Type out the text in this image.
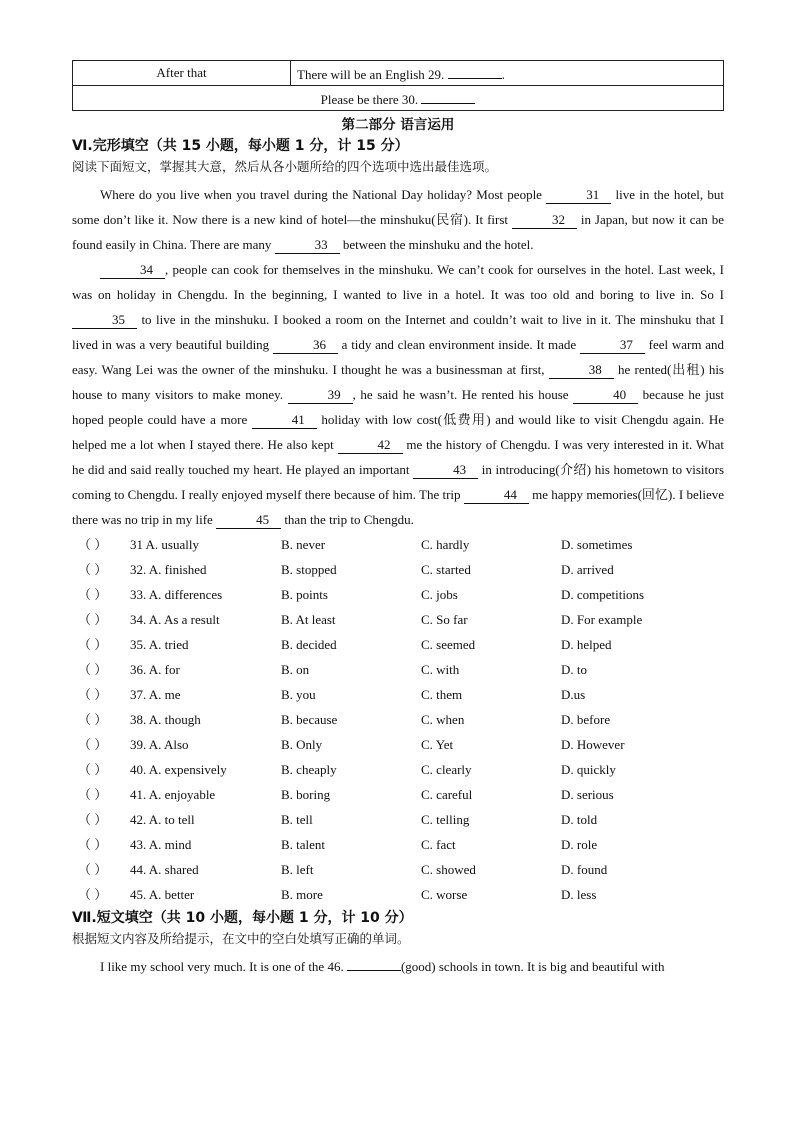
After that	There will be an English 29.	.
Please be there 30.
第二部分 语言运用
Ⅵ.完形填空（共 15 小题，每小题 1 分，计 15 分）
阅读下面短文，掌握其大意，然后从各小题所给的四个选项中选出最佳选项。

Where do you live when you travel during the National Day holiday? Most people	31 live in the hotel, but some don’t like it. Now there is a new kind of hotel—the minshuku(民宿). It first	32 in Japan, but now it can be found easily in China. There are many	33 between the minshuku and the hotel.

34 , people can cook for themselves in the minshuku. We can’t cook for ourselves in the hotel. Last week, I was on holiday in Chengdu. In the beginning, I wanted to live in a hotel. It was too old and boring to live in. So I 35 to live in the minshuku. I booked a room on the Internet and couldn’t wait to live in it. The minshuku that I lived in was a very beautiful building	36 a tidy and clean environment inside. It made	37 feel warm and easy. Wang Lei was the owner of the minshuku. I thought he was a businessman at first,	38 he rented(出租) his house to many visitors to make money.	39 , he said he wasn’t. He rented his house	40 because he just hoped people could have a more	41 holiday with low cost(低费用) and would like to visit Chengdu again. He helped me a lot when I stayed there. He also kept	42 me the history of Chengdu. I was very interested in it. What he did and said really touched my heart. He played an important	43 in introducing(介绍) his hometown to visitors coming to Chengdu. I really enjoyed myself there because of him. The trip	44 me happy memories(回忆). I believe there was no trip in my life	45 than the trip to Chengdu.

（ ）	31 A. usually	B. never	C. hardly	D. sometimes
（ ）	32. A. finished	B. stopped	C. started	D. arrived
（ ）	33. A. differences	B. points	C. jobs	D. competitions
（ ）	34. A. As a result	B. At least	C. So far	D. For example
（ ）	35. A. tried	B. decided	C. seemed	D. helped
（ ）	36. A. for	B. on	C. with	D. to
（ ）	37. A. me	B. you	C. them	D.us
（ ）	38. A. though	B. because	C. when	D. before
（ ）	39. A. Also	B. Only	C. Yet	D. However
（ ）	40. A. expensively	B. cheaply	C. clearly	D. quickly
（ ）	41. A. enjoyable	B. boring	C. careful	D. serious
（ ）	42. A. to tell	B. tell	C. telling	D. told
（ ）	43. A. mind	B. talent	C. fact	D. role
（ ）	44. A. shared	B. left	C. showed	D. found
（ ）	45. A. better	B. more	C. worse	D. less
Ⅶ.短文填空（共 10 小题，每小题 1 分，计 10 分）
根据短文内容及所给提示，在文中的空白处填写正确的单词。

I like my school very much. It is one of the 46.	(good) schools in town. It is big and beautiful with
